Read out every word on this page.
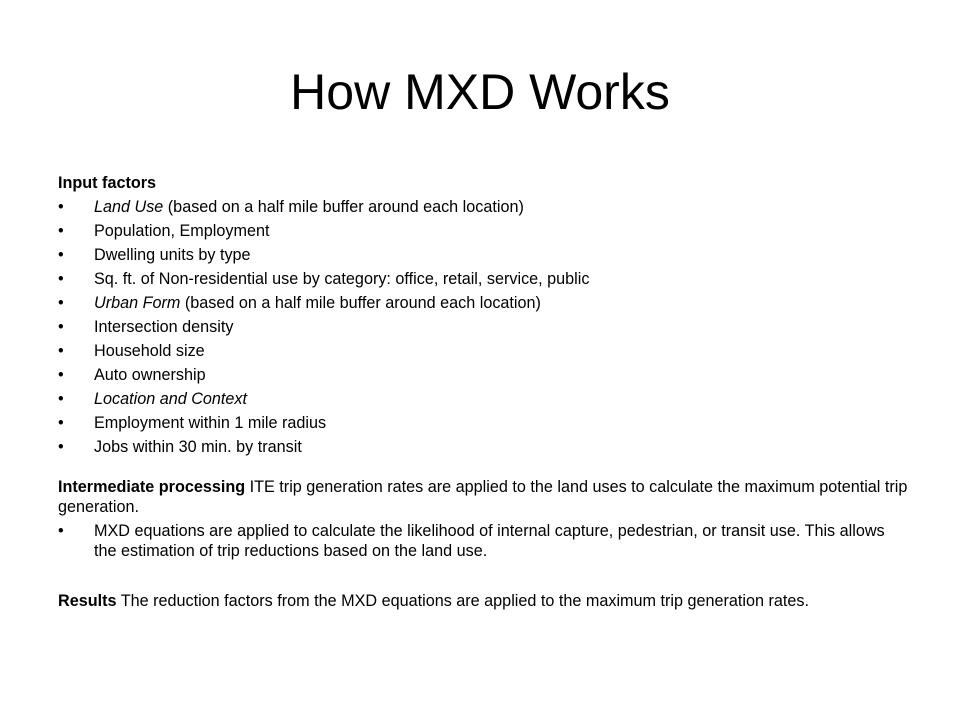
How MXD Works
Input factors
• Land Use (based on a half mile buffer around each location)
• Population, Employment
• Dwelling units by type
• Sq. ft. of Non-residential use by category: office, retail, service, public
• Urban Form (based on a half mile buffer around each location)
• Intersection density
• Household size
• Auto ownership
• Location and Context
• Employment within 1 mile radius
• Jobs within 30 min. by transit
Intermediate processing ITE trip generation rates are applied to the land uses to calculate the maximum potential trip generation.
• MXD equations are applied to calculate the likelihood of internal capture, pedestrian, or transit use. This allows the estimation of trip reductions based on the land use.
Results The reduction factors from the MXD equations are applied to the maximum trip generation rates.
